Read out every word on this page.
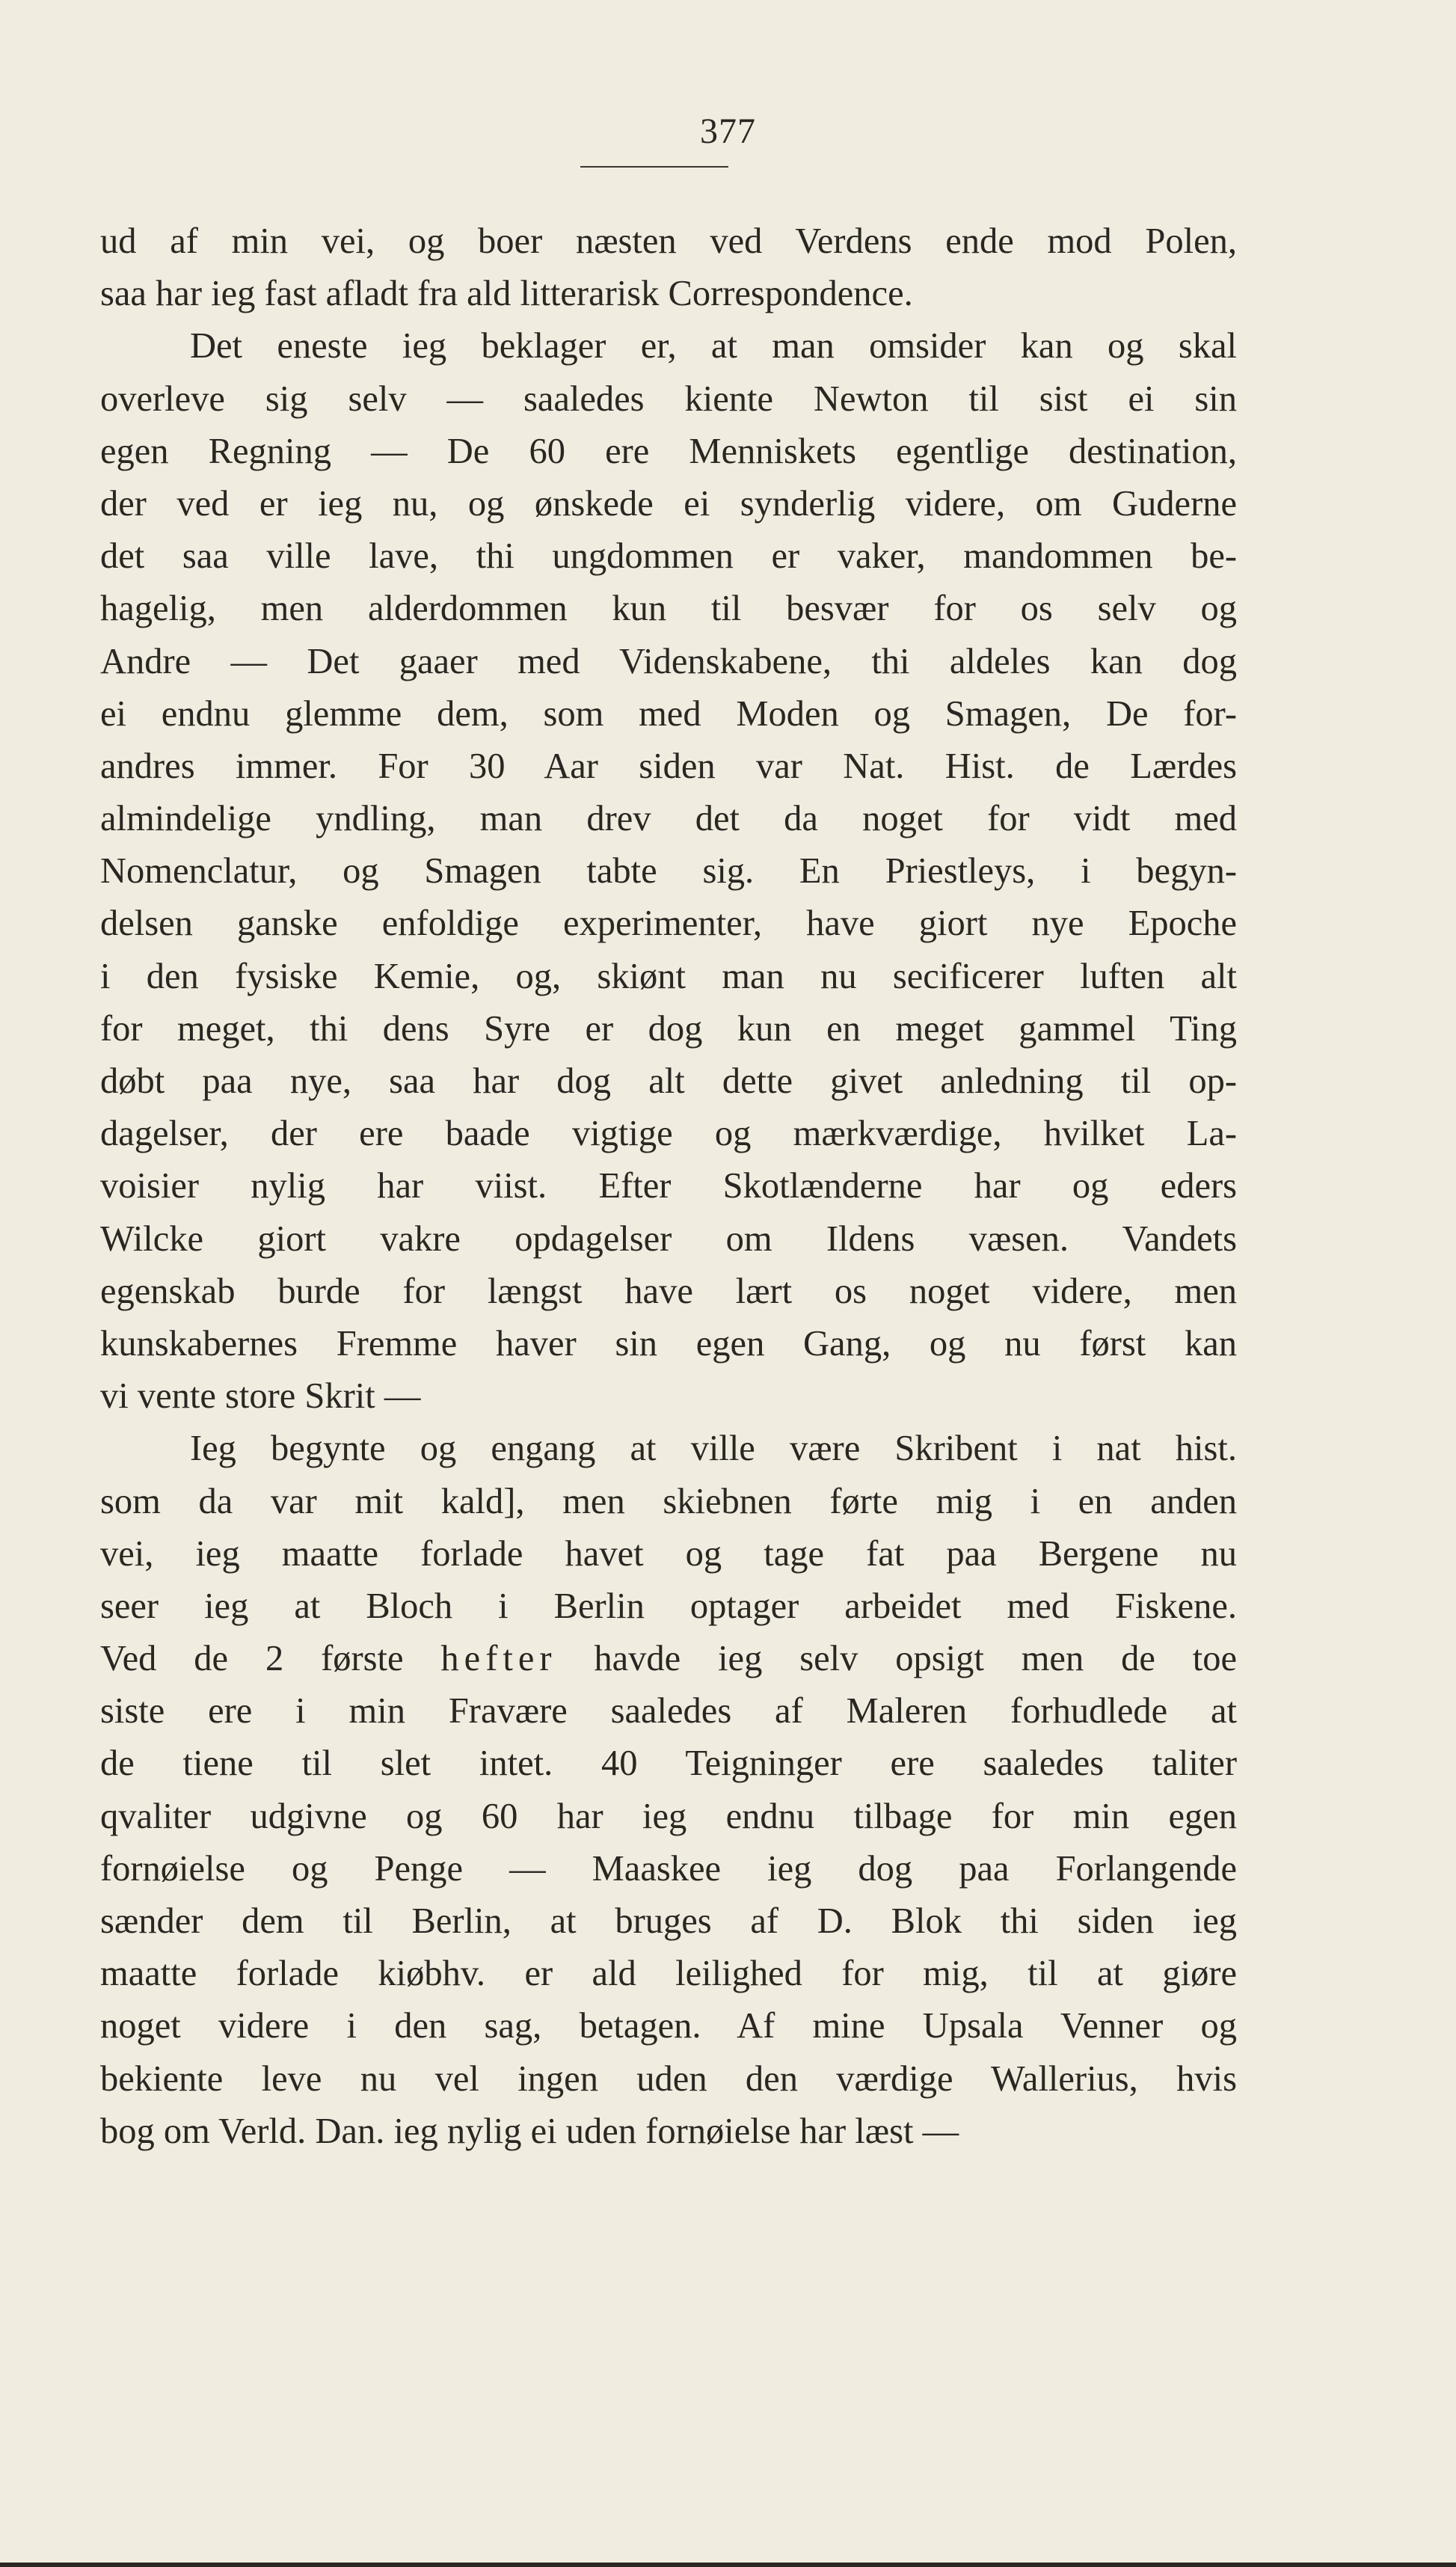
377
ud af min vei, og boer næsten ved Verdens ende mod Polen,
saa har ieg fast afladt fra ald litterarisk Correspondence.
Det eneste ieg beklager er, at man omsider kan og skal
overleve sig selv — saaledes kiente Newton til sist ei sin
egen Regning — De 60 ere Menniskets egentlige destination,
der ved er ieg nu, og ønskede ei synderlig videre, om Guderne
det saa ville lave, thi ungdommen er vaker, mandommen be-
hagelig, men alderdommen kun til besvær for os selv og
Andre — Det gaaer med Videnskabene, thi aldeles kan dog
ei endnu glemme dem, som med Moden og Smagen, De for-
andres immer. For 30 Aar siden var Nat. Hist. de Lærdes
almindelige yndling, man drev det da noget for vidt med
Nomenclatur, og Smagen tabte sig. En Priestleys, i begyn-
delsen ganske enfoldige experimenter, have giort nye Epoche
i den fysiske Kemie, og, skiønt man nu secificerer luften alt
for meget, thi dens Syre er dog kun en meget gammel Ting
døbt paa nye, saa har dog alt dette givet anledning til op-
dagelser, der ere baade vigtige og mærkværdige, hvilket La-
voisier nylig har viist. Efter Skotlænderne har og eders
Wilcke giort vakre opdagelser om Ildens væsen. Vandets
egenskab burde for længst have lært os noget videre, men
kunskabernes Fremme haver sin egen Gang, og nu først kan
vi vente store Skrit —
Ieg begynte og engang at ville være Skribent i nat hist.
som da var mit kald], men skiebnen førte mig i en anden
vei, ieg maatte forlade havet og tage fat paa Bergene nu
seer ieg at Bloch i Berlin optager arbeidet med Fiskene.
Ved de 2 første hefter havde ieg selv opsigt men de toe
siste ere i min Fravære saaledes af Maleren forhudlede at
de tiene til slet intet. 40 Teigninger ere saaledes taliter
qvaliter udgivne og 60 har ieg endnu tilbage for min egen
fornøielse og Penge — Maaskee ieg dog paa Forlangende
sænder dem til Berlin, at bruges af D. Blok thi siden ieg
maatte forlade kiøbhv. er ald leilighed for mig, til at giøre
noget videre i den sag, betagen. Af mine Upsala Venner og
bekiente leve nu vel ingen uden den værdige Wallerius, hvis
bog om Verld. Dan. ieg nylig ei uden fornøielse har læst —
